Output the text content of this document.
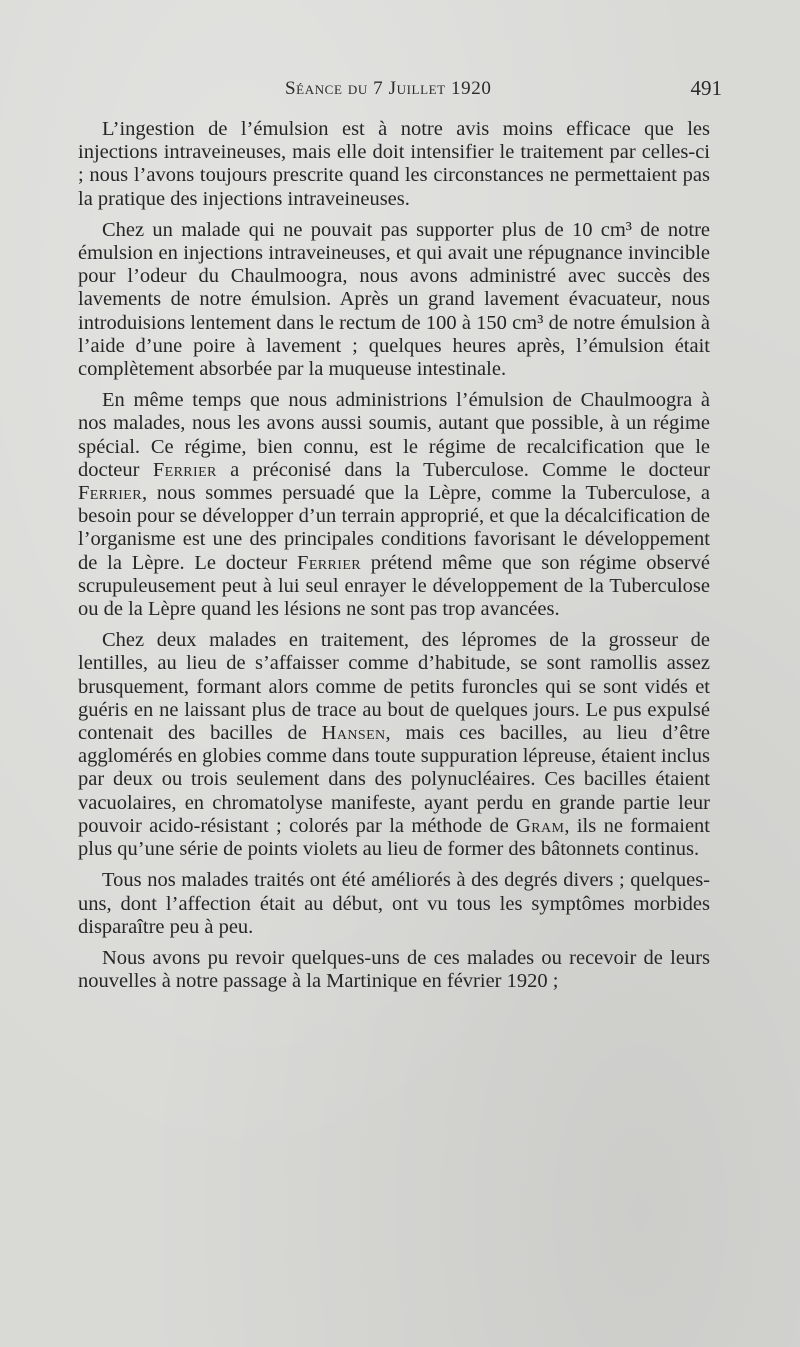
Séance du 7 Juillet 1920	491

L’ingestion de l’émulsion est à notre avis moins efficace que les injections intraveineuses, mais elle doit intensifier le traitement par celles-ci ; nous l’avons toujours prescrite quand les circonstances ne permettaient pas la pratique des injections intraveineuses.

Chez un malade qui ne pouvait pas supporter plus de 10 cm³ de notre émulsion en injections intraveineuses, et qui avait une répugnance invincible pour l’odeur du Chaulmoogra, nous avons administré avec succès des lavements de notre émulsion. Après un grand lavement évacuateur, nous introduisions lentement dans le rectum de 100 à 150 cm³ de notre émulsion à l’aide d’une poire à lavement ; quelques heures après, l’émulsion était complètement absorbée par la muqueuse intestinale.

En même temps que nous administrions l’émulsion de Chaulmoogra à nos malades, nous les avons aussi soumis, autant que possible, à un régime spécial. Ce régime, bien connu, est le régime de recalcification que le docteur Ferrier a préconisé dans la Tuberculose. Comme le docteur Ferrier, nous sommes persuadé que la Lèpre, comme la Tuberculose, a besoin pour se développer d’un terrain approprié, et que la décalcification de l’organisme est une des principales conditions favorisant le développement de la Lèpre. Le docteur Ferrier prétend même que son régime observé scrupuleusement peut à lui seul enrayer le développement de la Tuberculose ou de la Lèpre quand les lésions ne sont pas trop avancées.

Chez deux malades en traitement, des lépromes de la grosseur de lentilles, au lieu de s’affaisser comme d’habitude, se sont ramollis assez brusquement, formant alors comme de petits furoncles qui se sont vidés et guéris en ne laissant plus de trace au bout de quelques jours. Le pus expulsé contenait des bacilles de Hansen, mais ces bacilles, au lieu d’être agglomérés en globies comme dans toute suppuration lépreuse, étaient inclus par deux ou trois seulement dans des polynucléaires. Ces bacilles étaient vacuolaires, en chromatolyse manifeste, ayant perdu en grande partie leur pouvoir acido-résistant ; colorés par la méthode de Gram, ils ne formaient plus qu’une série de points violets au lieu de former des bâtonnets continus.

Tous nos malades traités ont été améliorés à des degrés divers ; quelques-uns, dont l’affection était au début, ont vu tous les symptômes morbides disparaître peu à peu.

Nous avons pu revoir quelques-uns de ces malades ou recevoir de leurs nouvelles à notre passage à la Martinique en février 1920 ;
